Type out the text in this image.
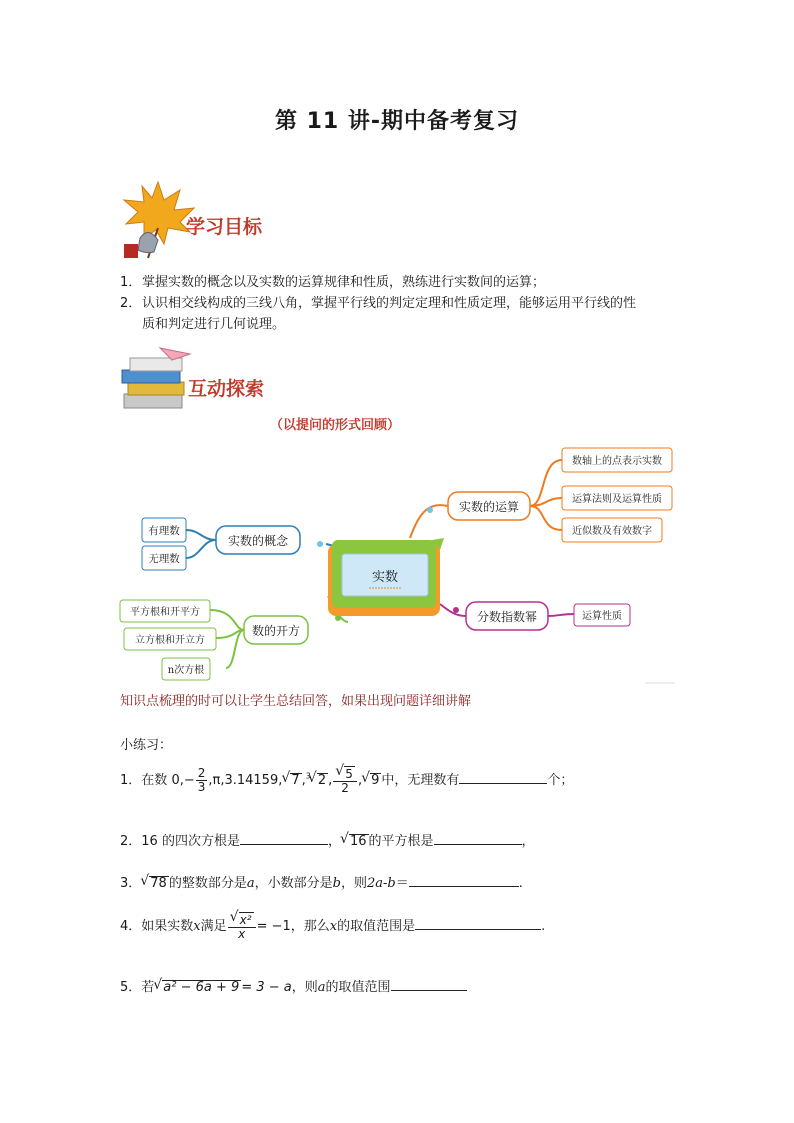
第 11 讲-期中备考复习
学习目标
1．掌握实数的概念以及实数的运算规律和性质，熟练进行实数间的运算；
2．认识相交线构成的三线八角，掌握平行线的判定定理和性质定理，能够运用平行线的性
质和判定进行几何说理。
互动探索
（以提问的形式回顾）
实数
实数的概念
有理数
无理数
实数的运算
数轴上的点表示实数
运算法则及运算性质
近似数及有效数字
数的开方
平方根和开平方
立方根和开立方
n次方根
分数指数幂	运算性质
知识点梳理的时可以让学生总结回答，如果出现问题详细讲解
小练习：
1．在数 $0,- \frac{2}{3} ,\pi,3.14159,√$ 7 ,$^3$√ 2 ,
√ $\frac{5}{2}$ ,√ 9 中，无理数有	个；
2．16 的四次方根是	，√ 16 的平方根是	，
3．√ 78 的整数部分是a，小数部分是b，则2a-b＝	.
4．如果实数x满足
√ $\frac{\text{x²}}{x} = -1$，那么x的取值范围是	.
5．若√ a² − 6a + 9 = 3 − a，则a的取值范围
